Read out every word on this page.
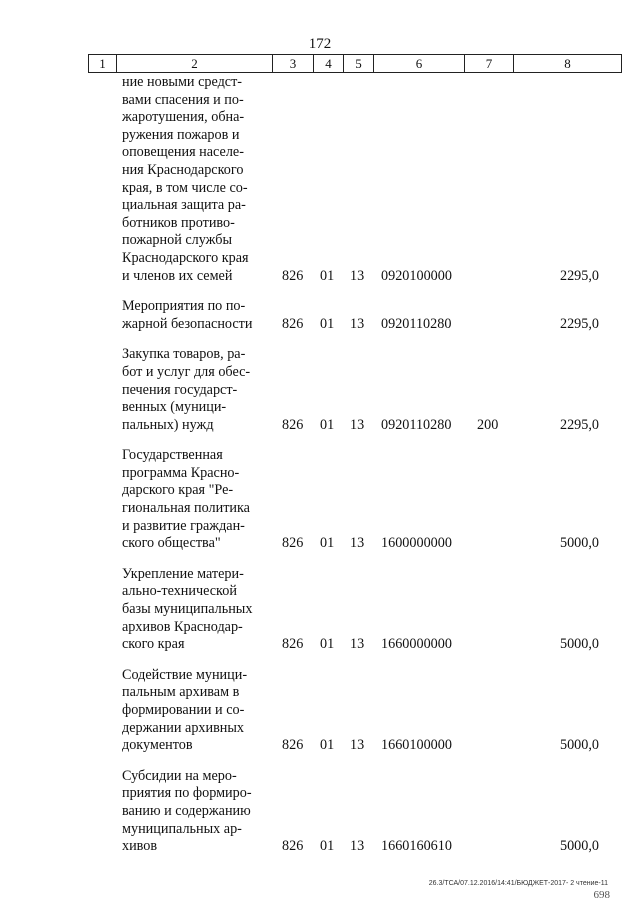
172
1	2	3	4	5	6	7	8
ние новыми средст-
вами спасения и по-
жаротушения, обна-
ружения пожаров и
оповещения населе-
ния Краснодарского
края, в том числе со-
циальная защита ра-
ботников противо-
пожарной службы
Краснодарского края
и членов их семей	826 01 13 0920100000	2295,0
Мероприятия по по-
жарной безопасности	826 01 13 0920110280	2295,0
Закупка товаров, ра-
бот и услуг для обес-
печения государст-
венных (муници-
пальных) нужд	826 01 13 0920110280 200	2295,0
Государственная
программа Красно-
дарского края "Ре-
гиональная политика
и развитие граждан-
ского общества"	826 01 13 1600000000	5000,0
Укрепление матери-
ально-технической
базы муниципальных
архивов Краснодар-
ского края	826 01 13 1660000000	5000,0
Содействие муници-
пальным архивам в
формировании и со-
держании архивных
документов	826 01 13 1660100000	5000,0
Субсидии на меро-
приятия по формиро-
ванию и содержанию
муниципальных ар-
хивов	826 01 13 1660160610	5000,0
26.3/ТСА/07.12.2016/14:41/БЮДЖЕТ-2017- 2 чтение-11
698
